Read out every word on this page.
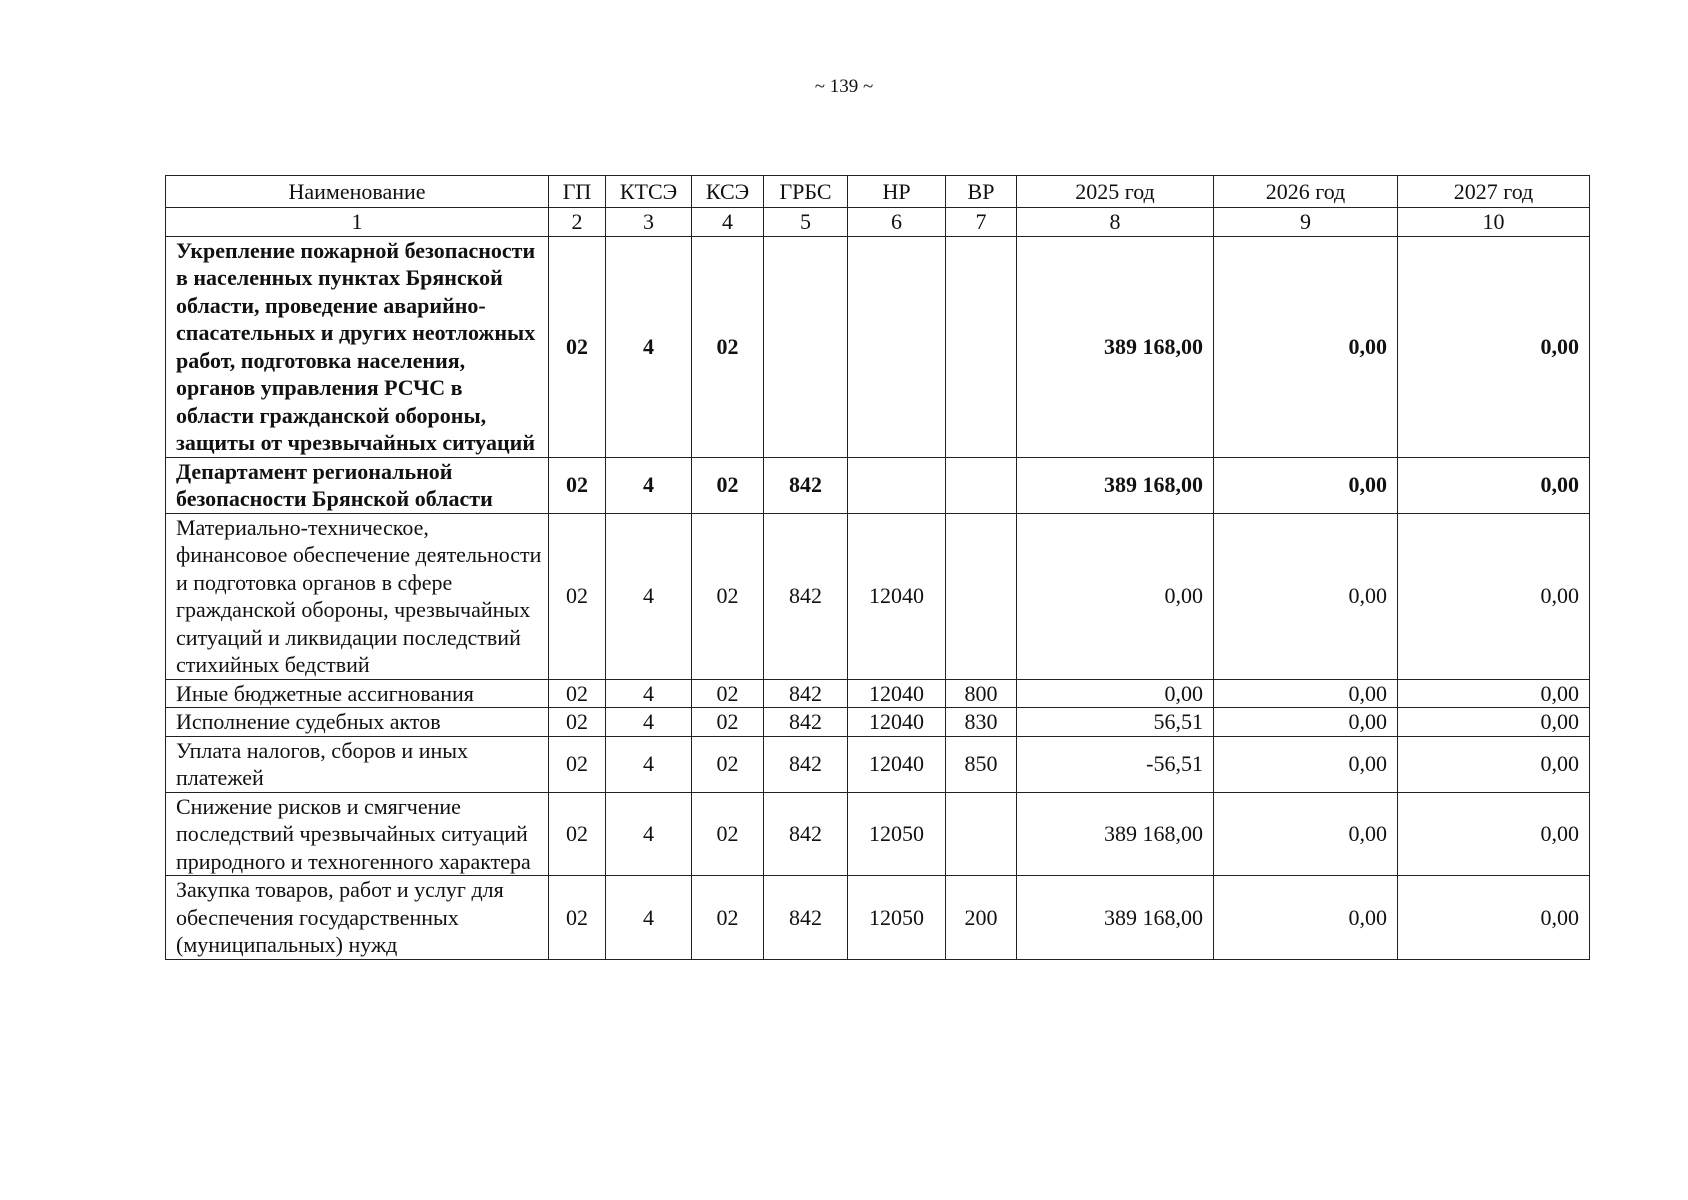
~ 139 ~
Наименование	ГП	КТСЭ	КСЭ	ГРБС	НР	ВР	2025 год	2026 год	2027 год
1	2	3	4	5	6	7	8	9	10
Укрепление пожарной безопасности в населенных пунктах Брянской области, проведение аварийно-спасательных и других неотложных работ, подготовка населения, органов управления РСЧС в области гражданской обороны, защиты от чрезвычайных ситуаций	02	4	02				389 168,00	0,00	0,00
Департамент региональной безопасности Брянской области	02	4	02	842			389 168,00	0,00	0,00
Материально-техническое, финансовое обеспечение деятельности и подготовка органов в сфере гражданской обороны, чрезвычайных ситуаций и ликвидации последствий стихийных бедствий	02	4	02	842	12040		0,00	0,00	0,00
Иные бюджетные ассигнования	02	4	02	842	12040	800	0,00	0,00	0,00
Исполнение судебных актов	02	4	02	842	12040	830	56,51	0,00	0,00
Уплата налогов, сборов и иных платежей	02	4	02	842	12040	850	-56,51	0,00	0,00
Снижение рисков и смягчение последствий чрезвычайных ситуаций природного и техногенного характера	02	4	02	842	12050		389 168,00	0,00	0,00
Закупка товаров, работ и услуг для обеспечения государственных (муниципальных) нужд	02	4	02	842	12050	200	389 168,00	0,00	0,00
